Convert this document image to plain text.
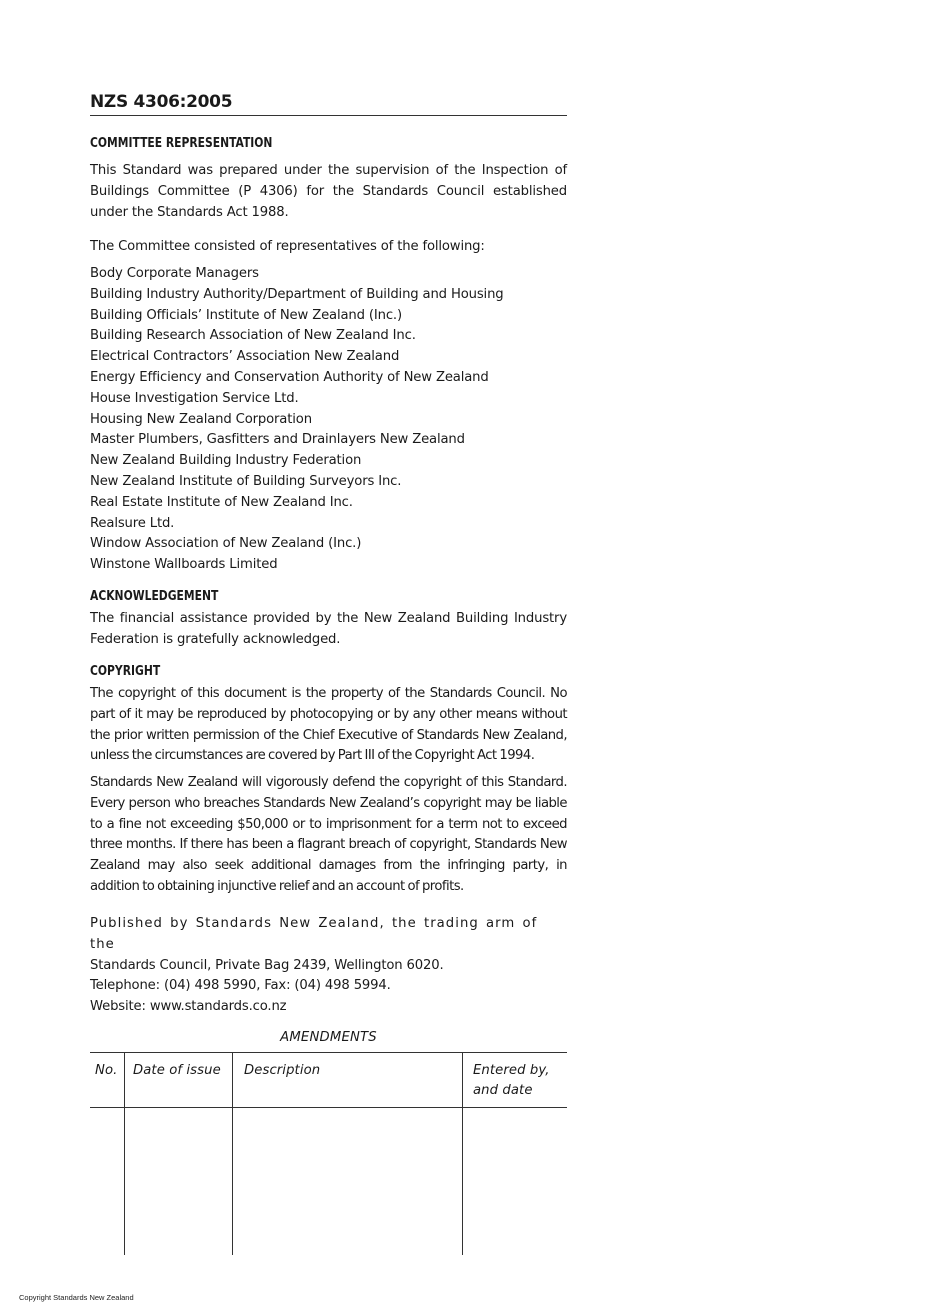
NZS 4306:2005

COMMITTEE REPRESENTATION

This Standard was prepared under the supervision of the Inspection of Buildings Committee (P 4306) for the Standards Council established under the Standards Act 1988.

The Committee consisted of representatives of the following:

Body Corporate Managers
Building Industry Authority/Department of Building and Housing
Building Officials’ Institute of New Zealand (Inc.)
Building Research Association of New Zealand Inc.
Electrical Contractors’ Association New Zealand
Energy Efficiency and Conservation Authority of New Zealand
House Investigation Service Ltd.
Housing New Zealand Corporation
Master Plumbers, Gasfitters and Drainlayers New Zealand
New Zealand Building Industry Federation
New Zealand Institute of Building Surveyors Inc.
Real Estate Institute of New Zealand Inc.
Realsure Ltd.
Window Association of New Zealand (Inc.)
Winstone Wallboards Limited

ACKNOWLEDGEMENT

The financial assistance provided by the New Zealand Building Industry Federation is gratefully acknowledged.

COPYRIGHT

The copyright of this document is the property of the Standards Council. No part of it may be reproduced by photocopying or by any other means without the prior written permission of the Chief Executive of Standards New Zealand, unless the circumstances are covered by Part III of the Copyright Act 1994.

Standards New Zealand will vigorously defend the copyright of this Standard. Every person who breaches Standards New Zealand’s copyright may be liable to a fine not exceeding $50,000 or to imprisonment for a term not to exceed three months. If there has been a flagrant breach of copyright, Standards New Zealand may also seek additional damages from the infringing party, in addition to obtaining injunctive relief and an account of profits.

Published by Standards New Zealand, the trading arm of the

Standards Council, Private Bag 2439, Wellington 6020.

Telephone: (04) 498 5990, Fax: (04) 498 5994.

Website: www.standards.co.nz

AMENDMENTS
No.	Date of issue	Description	Entered by, and date
Copyright Standards New Zealand
